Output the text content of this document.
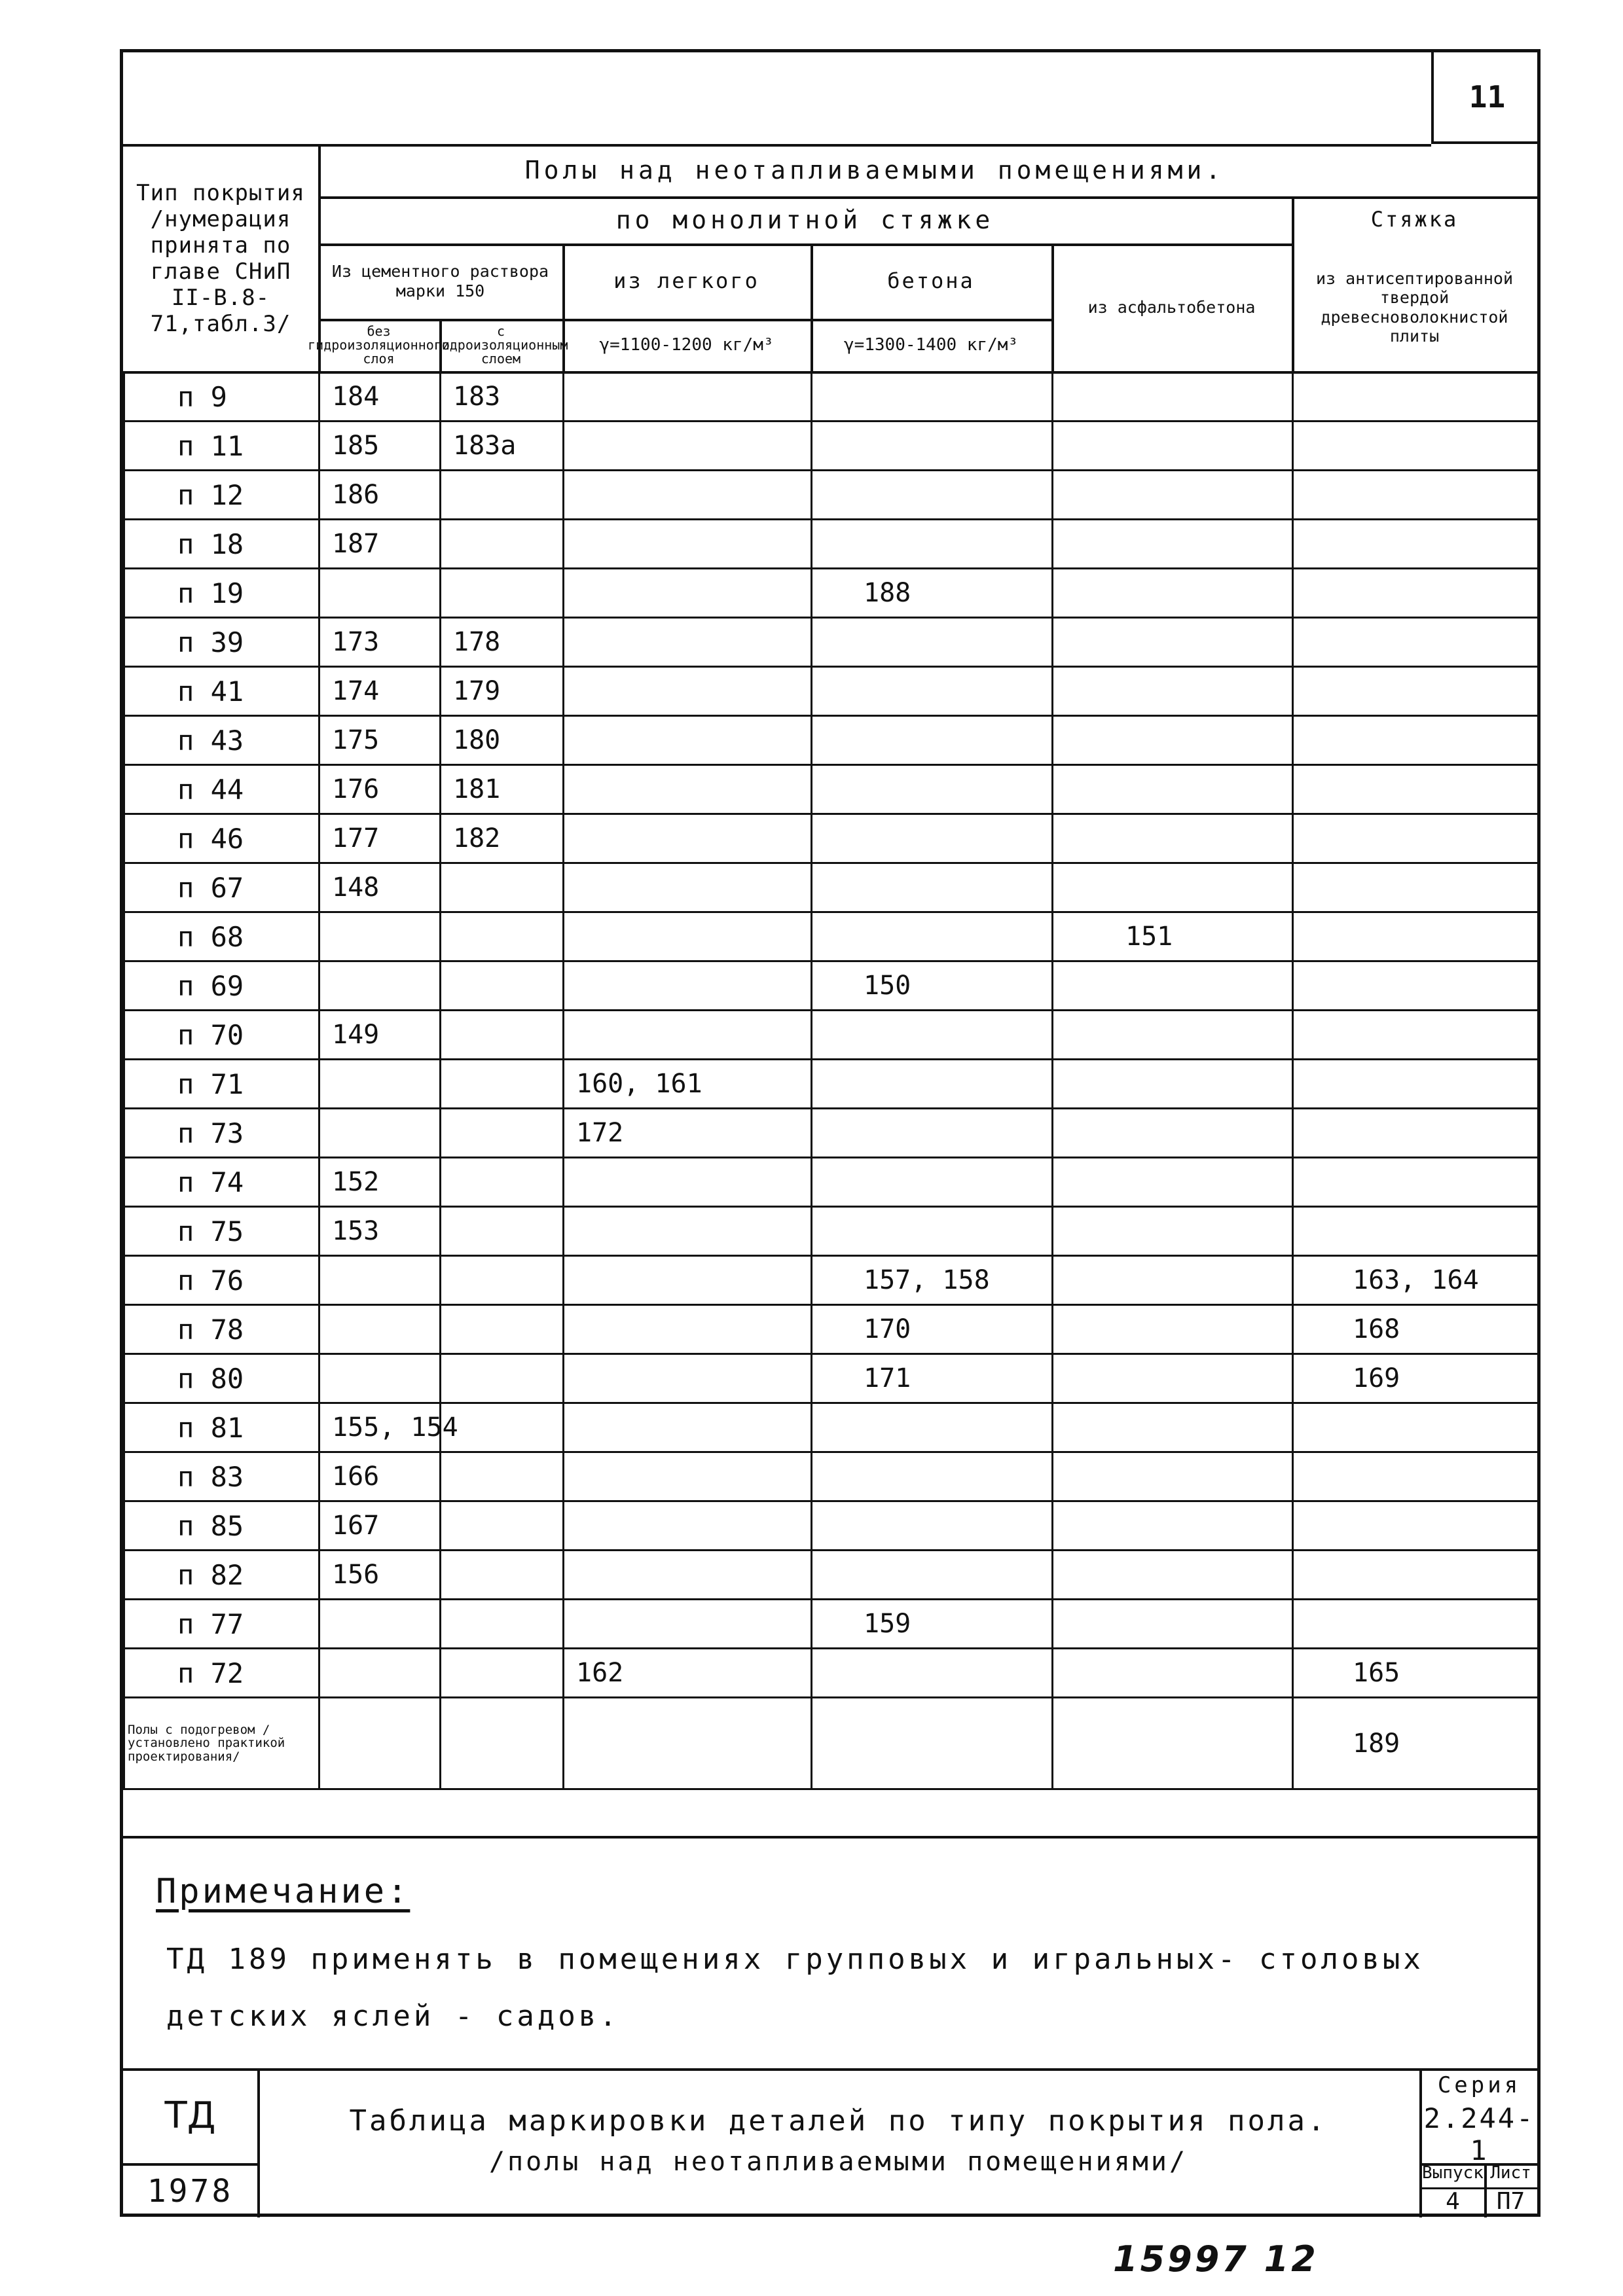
11
Тип покрытия /нумерация принята по главе СНиП II-В.8-71,табл.3/
Полы над неотапливаемыми помещениями.
по монолитной стяжке	Стяжка
из антисептированной твердой древесноволокнистой плиты
Из цементного раствора марки 150
без гидроизоляционного слоя
с гидроизоляционным слоем
из легкого	бетона
γ=1100-1200 кг/м³	γ=1300-1400 кг/м³
из асфальтобетона
п 9	184	183				
п 11	185	183а				
п 12	186					
п 18	187					
п 19				188		
п 39	173	178				
п 41	174	179				
п 43	175	180				
п 44	176	181				
п 46	177	182				
п 67	148					
п 68					151	
п 69				150		
п 70	149					
п 71			160, 161			
п 73			172			
п 74	152					
п 75	153					
п 76				157, 158		163, 164
п 78				170		168
п 80				171		169
п 81	155, 154					
п 83	166					
п 85	167					
п 82	156					
п 77				159		
п 72			162			165
Полы с подогревом /установлено практикой проектирования/						189
Примечание:
ТД 189 применять в помещениях групповых и игральных- столовых
детских яслей - садов.
ТД
1978
Таблица маркировки деталей по типу покрытия пола.
/полы над неотапливаемыми помещениями/
Серия
2.244-1
Выпуск
4
Лист
П7
15997 12
